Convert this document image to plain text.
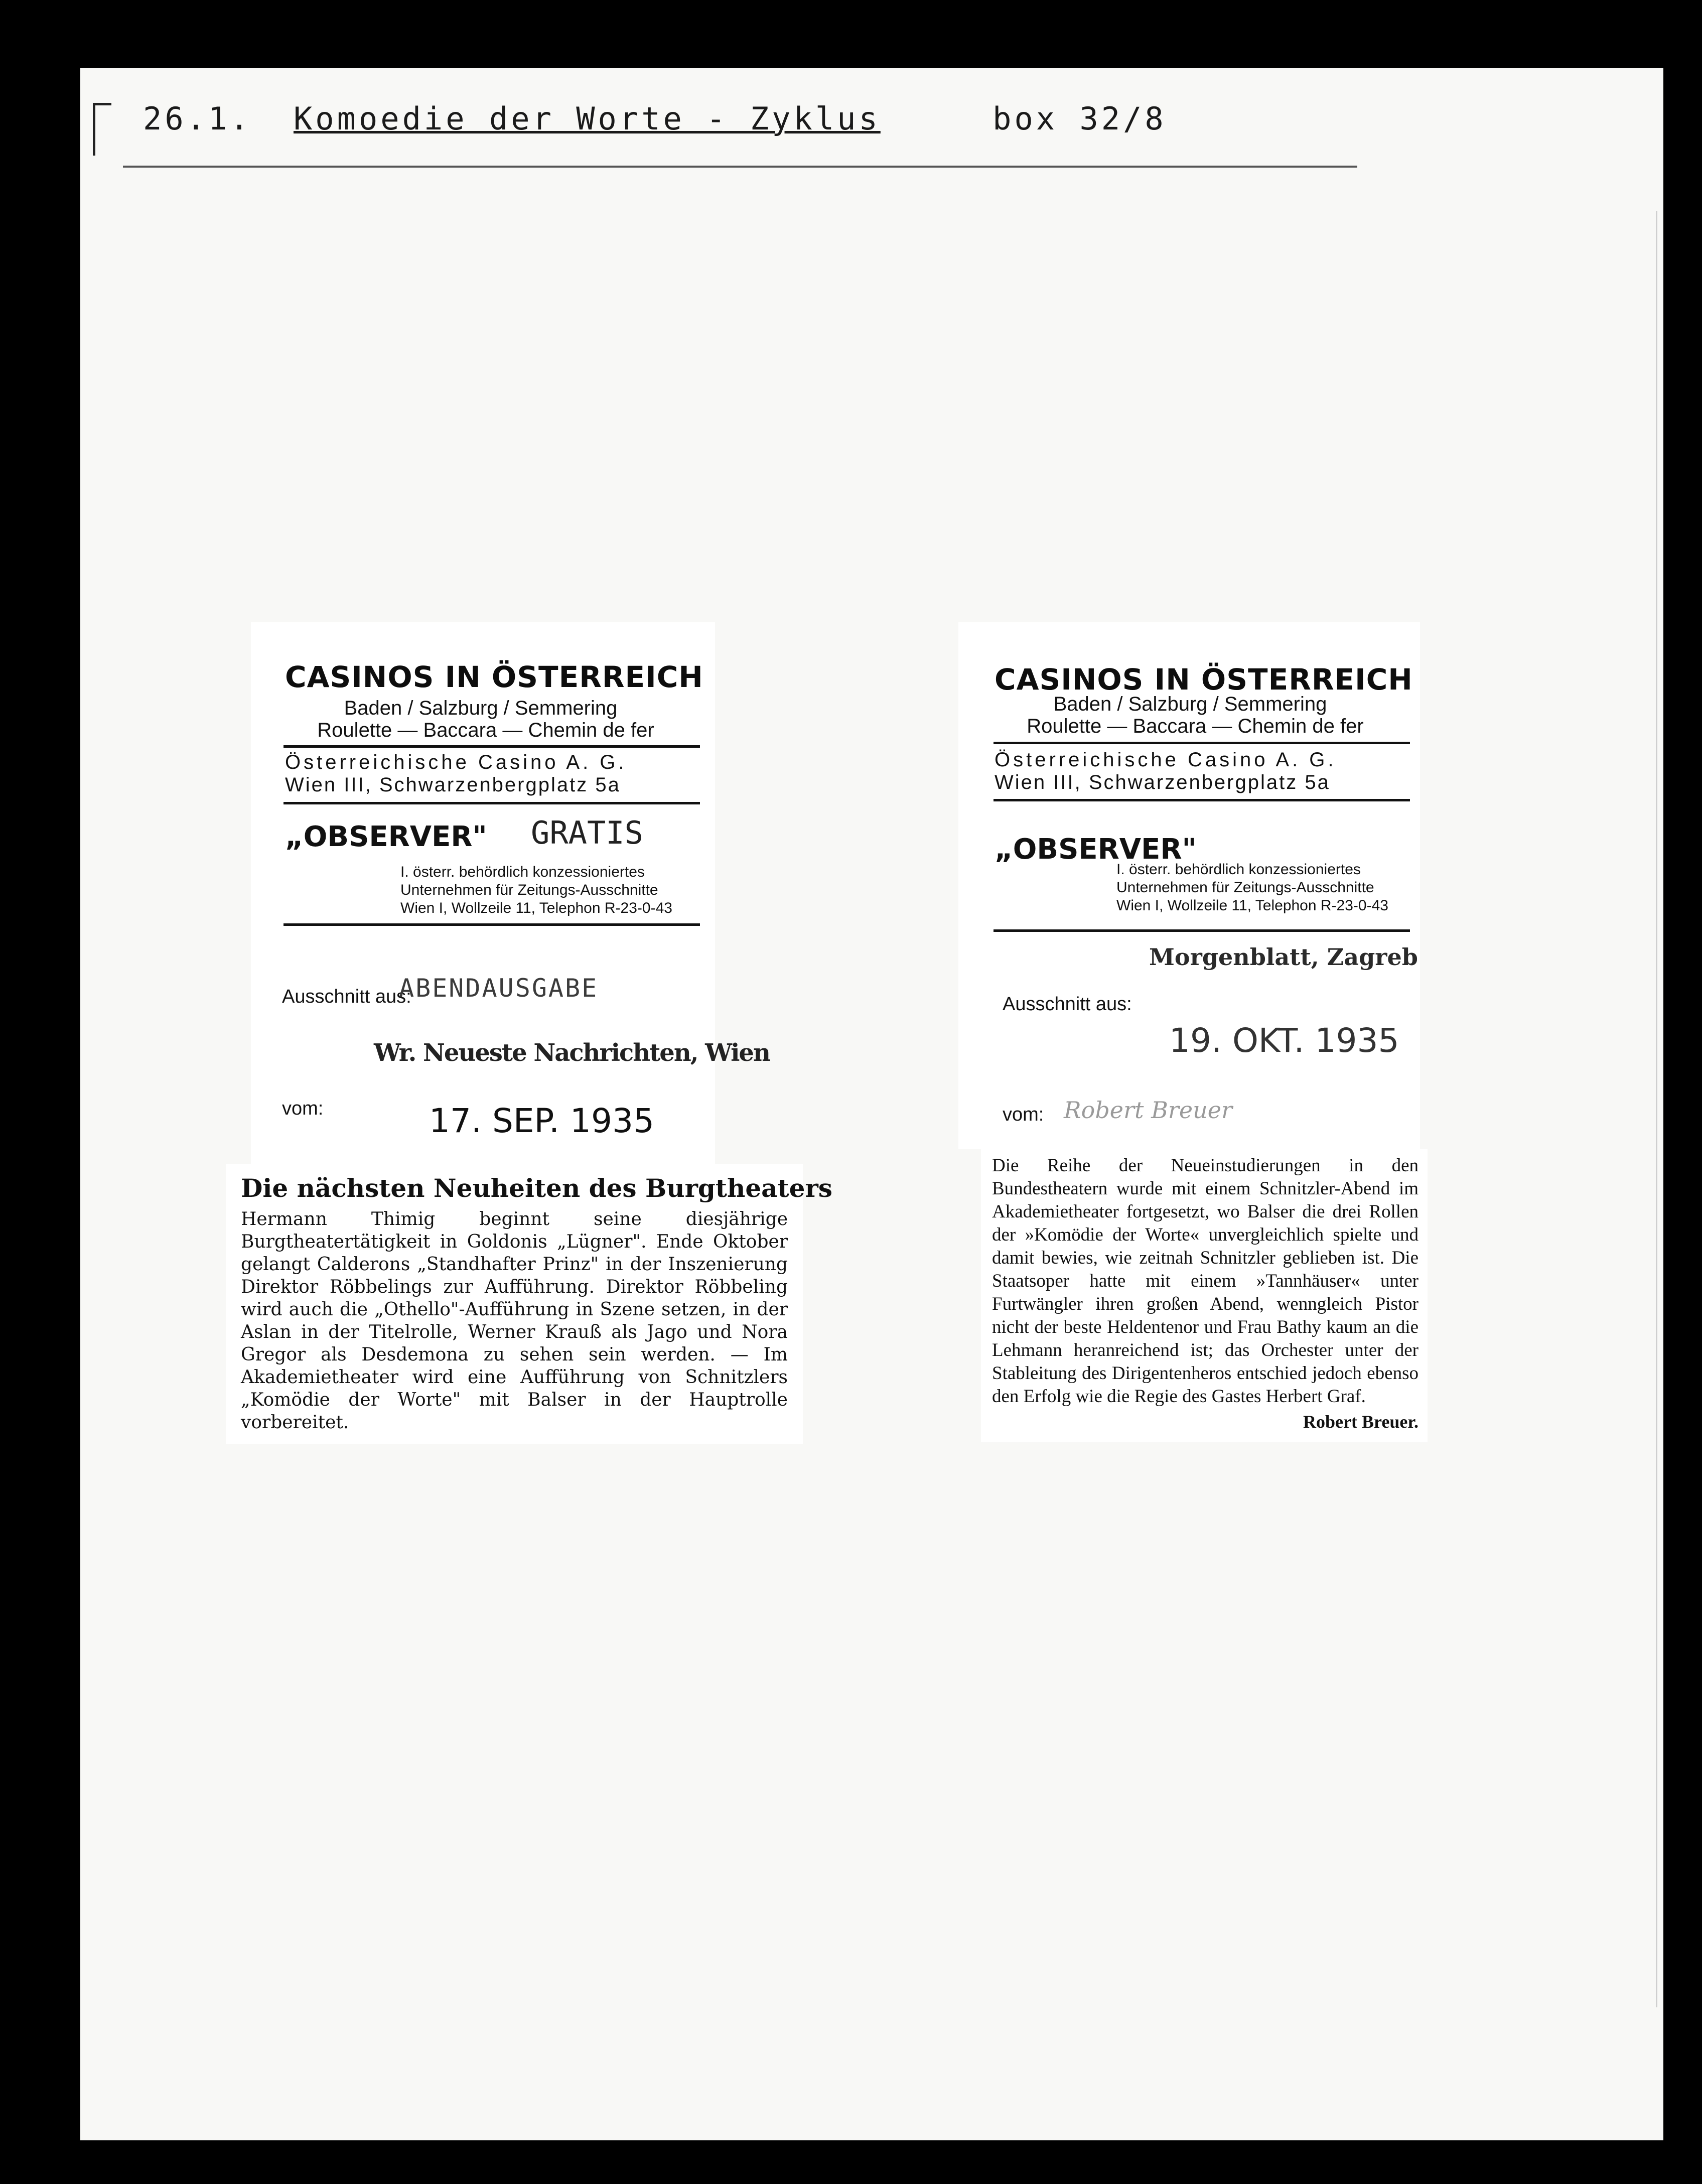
26.1. Komoedie der Worte - Zyklus	box 32/8
CASINOS IN ÖSTERREICH
Baden / Salzburg / Semmering
Roulette — Baccara — Chemin de fer
Österreichische Casino A. G.
Wien III, Schwarzenbergplatz 5a
„OBSERVER" GRATIS
I. österr. behördlich konzessioniertes
Unternehmen für Zeitungs-Ausschnitte
Wien I, Wollzeile 11, Telephon R-23-0-43
Ausschnitt aus:
ABENDAUSGABE
Wr. Neueste Nachrichten, Wien
vom:	17. SEP. 1935
Die nächsten Neuheiten des Burgtheaters
Hermann Thimig beginnt seine diesjährige Burgtheatertätigkeit in Goldonis „Lügner". Ende Oktober gelangt Calderons „Standhafter Prinz" in der Inszenierung Direktor Röbbelings zur Aufführung. Direktor Röbbeling wird auch die „Othello"-Aufführung in Szene setzen, in der Aslan in der Titelrolle, Werner Krauß als Jago und Nora Gregor als Desdemona zu sehen sein werden. — Im Akademietheater wird eine Aufführung von Schnitzlers „Komödie der Worte" mit Balser in der Hauptrolle vorbereitet.
CASINOS IN ÖSTERREICH
Baden / Salzburg / Semmering
Roulette — Baccara — Chemin de fer
Österreichische Casino A. G.
Wien III, Schwarzenbergplatz 5a
„OBSERVER"
I. österr. behördlich konzessioniertes
Unternehmen für Zeitungs-Ausschnitte
Wien I, Wollzeile 11, Telephon R-23-0-43
Morgenblatt, Zagreb
Ausschnitt aus:
19. OKT. 1935
vom: Robert Breuer
Die Reihe der Neueinstudierungen in den Bundestheatern wurde mit einem Schnitzler-Abend im Akademietheater fortgesetzt, wo Balser die drei Rollen der »Komödie der Worte« unvergleichlich spielte und damit bewies, wie zeitnah Schnitzler geblieben ist. Die Staatsoper hatte mit einem »Tannhäuser« unter Furtwängler ihren großen Abend, wenngleich Pistor nicht der beste Heldentenor und Frau Bathy kaum an die Lehmann heranreichend ist; das Orchester unter der Stableitung des Dirigentenheros entschied jedoch ebenso den Erfolg wie die Regie des Gastes Herbert Graf.
Robert Breuer.
